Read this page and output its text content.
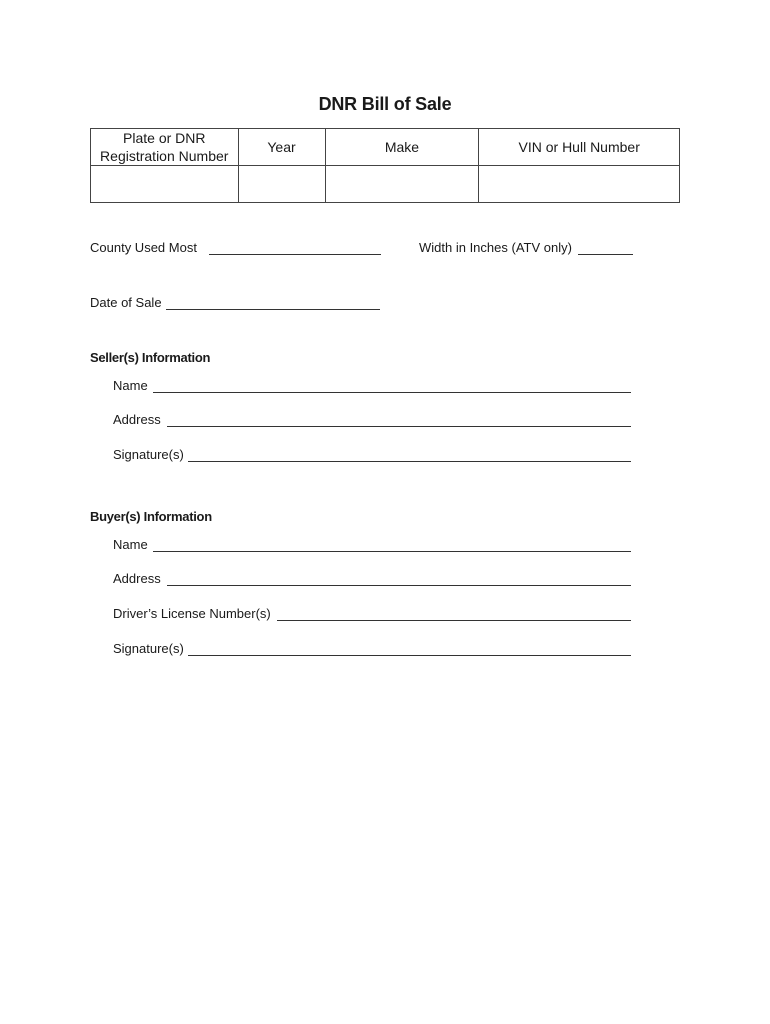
DNR Bill of Sale
Plate or DNR Registration Number	Year	Make	VIN or Hull Number

County Used Most	Width in Inches (ATV only)
Date of Sale
Seller(s) Information
Name
Address
Signature(s)
Buyer(s) Information
Name
Address
Driver’s License Number(s)
Signature(s)
